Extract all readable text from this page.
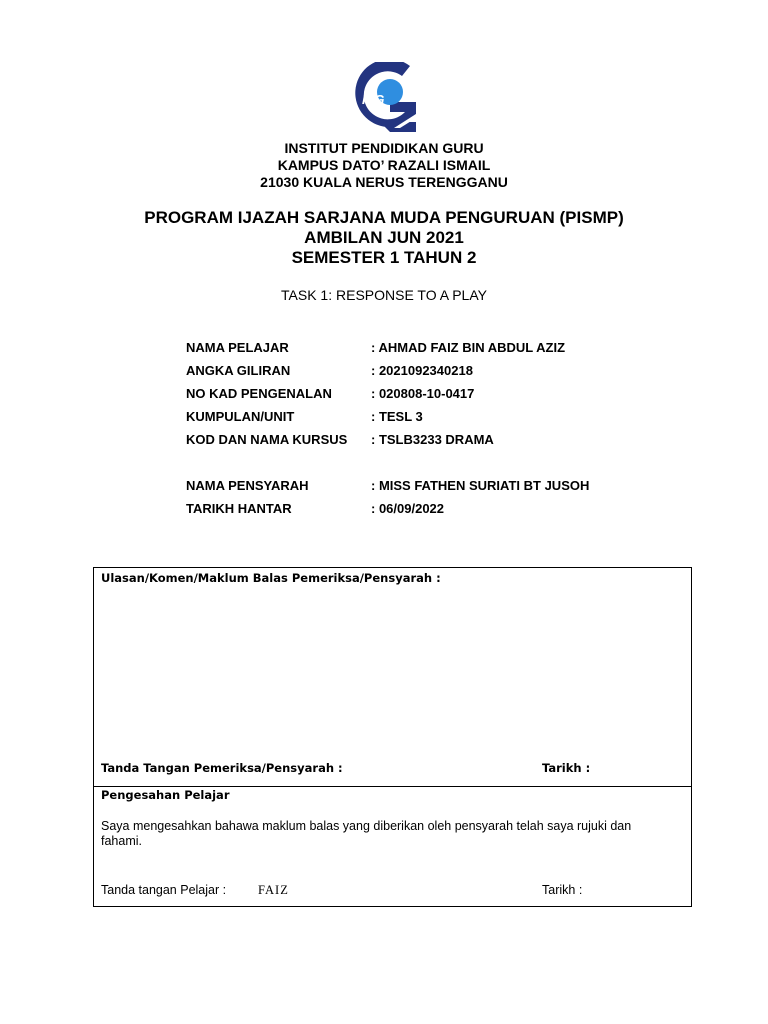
IPG
INSTITUT PENDIDIKAN GURU
KAMPUS DATO’ RAZALI ISMAIL
21030 KUALA NERUS TERENGGANU
PROGRAM IJAZAH SARJANA MUDA PENGURUAN (PISMP)
AMBILAN JUN 2021
SEMESTER 1 TAHUN 2
TASK 1: RESPONSE TO A PLAY
NAMA PELAJAR	: AHMAD FAIZ BIN ABDUL AZIZ
ANGKA GILIRAN	: 2021092340218
NO KAD PENGENALAN	: 020808-10-0417
KUMPULAN/UNIT	: TESL 3
KOD DAN NAMA KURSUS	: TSLB3233 DRAMA
NAMA PENSYARAH	: MISS FATHEN SURIATI BT JUSOH
TARIKH HANTAR	: 06/09/2022
Ulasan/Komen/Maklum Balas Pemeriksa/Pensyarah :
Tanda Tangan Pemeriksa/Pensyarah :	Tarikh :
Pengesahan Pelajar
Saya mengesahkan bahawa maklum balas yang diberikan oleh pensyarah telah saya rujuki dan fahami.
Tanda tangan Pelajar :	FAIZ	Tarikh :
